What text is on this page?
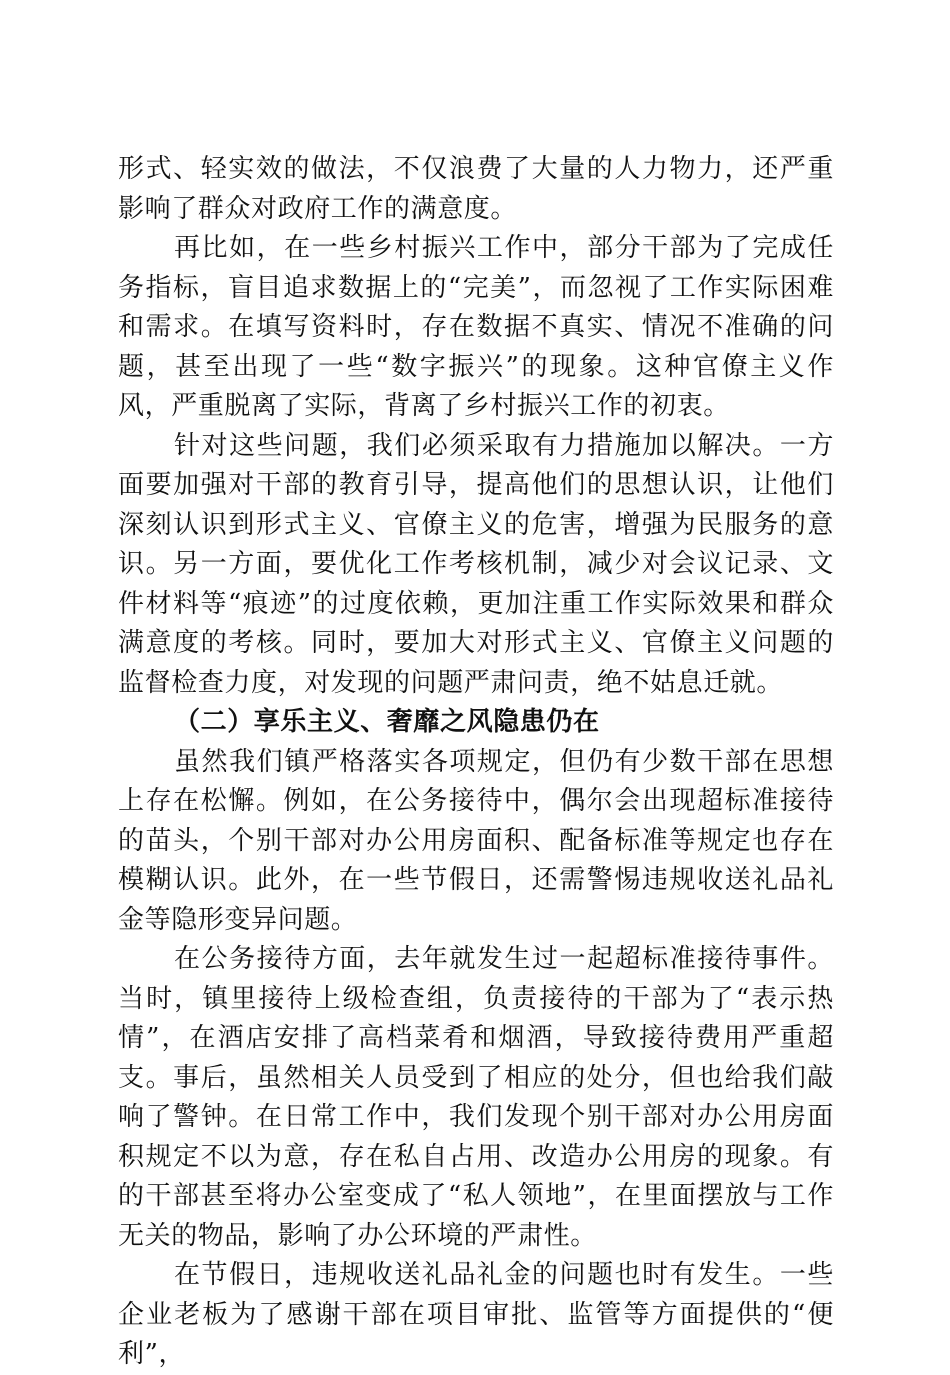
形式、轻实效的做法，不仅浪费了大量的人力物力，还严重影响了群众对政府工作的满意度。

再比如，在一些乡村振兴工作中，部分干部为了完成任务指标，盲目追求数据上的“完美”，而忽视了工作实际困难和需求。在填写资料时，存在数据不真实、情况不准确的问题，甚至出现了一些“数字振兴”的现象。这种官僚主义作风，严重脱离了实际，背离了乡村振兴工作的初衷。

针对这些问题，我们必须采取有力措施加以解决。一方面要加强对干部的教育引导，提高他们的思想认识，让他们深刻认识到形式主义、官僚主义的危害，增强为民服务的意识。另一方面，要优化工作考核机制，减少对会议记录、文件材料等“痕迹”的过度依赖，更加注重工作实际效果和群众满意度的考核。同时，要加大对形式主义、官僚主义问题的监督检查力度，对发现的问题严肃问责，绝不姑息迁就。

（二）享乐主义、奢靡之风隐患仍在

虽然我们镇严格落实各项规定，但仍有少数干部在思想上存在松懈。例如，在公务接待中，偶尔会出现超标准接待的苗头，个别干部对办公用房面积、配备标准等规定也存在模糊认识。此外，在一些节假日，还需警惕违规收送礼品礼金等隐形变异问题。

在公务接待方面，去年就发生过一起超标准接待事件。当时，镇里接待上级检查组，负责接待的干部为了“表示热情”，在酒店安排了高档菜肴和烟酒，导致接待费用严重超支。事后，虽然相关人员受到了相应的处分，但也给我们敲响了警钟。在日常工作中，我们发现个别干部对办公用房面积规定不以为意，存在私自占用、改造办公用房的现象。有的干部甚至将办公室变成了“私人领地”，在里面摆放与工作无关的物品，影响了办公环境的严肃性。

在节假日，违规收送礼品礼金的问题也时有发生。一些企业老板为了感谢干部在项目审批、监管等方面提供的“便利”，
